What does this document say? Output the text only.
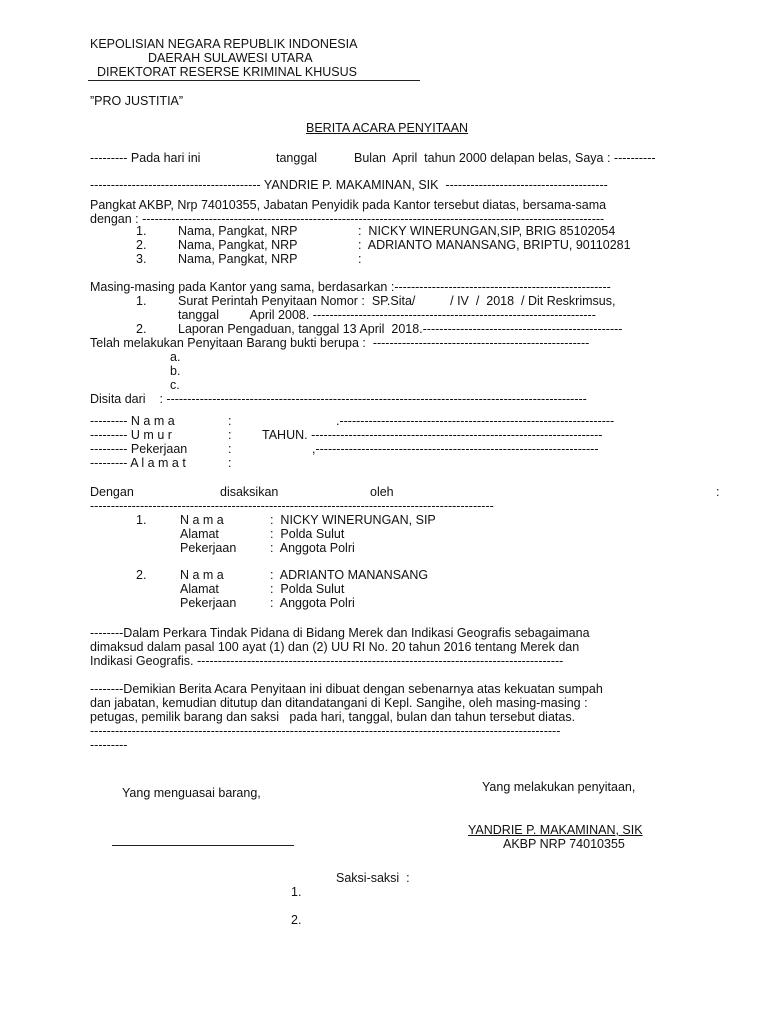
KEPOLISIAN NEGARA REPUBLIK INDONESIA
DAERAH SULAWESI UTARA
DIREKTORAT RESERSE KRIMINAL KHUSUS
”PRO JUSTITIA”
BERITA ACARA PENYITAAN
--------- Pada hari ini	tanggal	Bulan  April  tahun 2000 delapan belas, Saya : ----------
----------------------------------------- YANDRIE P. MAKAMINAN, SIK  ---------------------------------------
Pangkat AKBP, Nrp 74010355, Jabatan Penyidik pada Kantor tersebut diatas, bersama-sama
dengan : ---------------------------------------------------------------------------------------------------------------
1.	Nama, Pangkat, NRP	:  NICKY WINERUNGAN,SIP, BRIG 85102054
2.	Nama, Pangkat, NRP	:  ADRIANTO MANANSANG, BRIPTU, 90110281
3.	Nama, Pangkat, NRP	:
Masing-masing pada Kantor yang sama, berdasarkan :----------------------------------------------------
1.	Surat Perintah Penyitaan Nomor :  SP.Sita/          / IV  /  2018  / Dit Reskrimsus,
tanggal         April 2008. --------------------------------------------------------------------
2.	Laporan Pengaduan, tanggal 13 April  2018.------------------------------------------------
Telah melakukan Penyitaan Barang bukti berupa :  ----------------------------------------------------
a.
b.
c.
Disita dari    : -----------------------------------------------------------------------------------------------------
--------- N a m a	:	.------------------------------------------------------------------
--------- U m u r	: TAHUN. ----------------------------------------------------------------------
--------- Pekerjaan	:	,--------------------------------------------------------------------
--------- A l a m a t	:
Dengan	disaksikan	oleh	:
-------------------------------------------------------------------------------------------------
1.	N a m a	:  NICKY WINERUNGAN, SIP
Alamat	:  Polda Sulut
Pekerjaan	:  Anggota Polri
2.	N a m a	:  ADRIANTO MANANSANG
Alamat	:  Polda Sulut
Pekerjaan	:  Anggota Polri
--------Dalam Perkara Tindak Pidana di Bidang Merek dan Indikasi Geografis sebagaimana
dimaksud dalam pasal 100 ayat (1) dan (2) UU RI No. 20 tahun 2016 tentang Merek dan
Indikasi Geografis. ----------------------------------------------------------------------------------------
--------Demikian Berita Acara Penyitaan ini dibuat dengan sebenarnya atas kekuatan sumpah
dan jabatan, kemudian ditutup dan ditandatangani di Kepl. Sangihe, oleh masing-masing :
petugas, pemilik barang dan saksi   pada hari, tanggal, bulan dan tahun tersebut diatas.
-----------------------------------------------------------------------------------------------------------------
---------
Yang menguasai barang,	Yang melakukan penyitaan,
YANDRIE P. MAKAMINAN, SIK
AKBP NRP 74010355
Saksi-saksi  :
1.
2.
